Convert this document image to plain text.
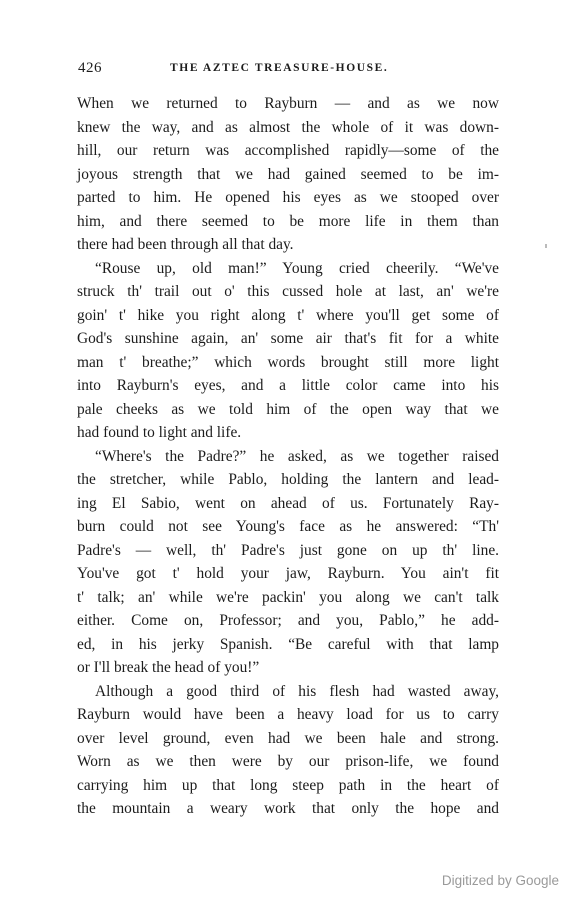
426	THE AZTEC TREASURE-HOUSE.
When we returned to Rayburn — and as we now
knew the way, and as almost the whole of it was down-
hill, our return was accomplished rapidly—some of the
joyous strength that we had gained seemed to be im-
parted to him. He opened his eyes as we stooped over
him, and there seemed to be more life in them than
there had been through all that day.
“Rouse up, old man!” Young cried cheerily. “We've
struck th' trail out o' this cussed hole at last, an' we're
goin' t' hike you right along t' where you'll get some of
God's sunshine again, an' some air that's fit for a white
man t' breathe;” which words brought still more light
into Rayburn's eyes, and a little color came into his
pale cheeks as we told him of the open way that we
had found to light and life.
“Where's the Padre?” he asked, as we together raised
the stretcher, while Pablo, holding the lantern and lead-
ing El Sabio, went on ahead of us. Fortunately Ray-
burn could not see Young's face as he answered: “Th'
Padre's — well, th' Padre's just gone on up th' line.
You've got t' hold your jaw, Rayburn. You ain't fit
t' talk; an' while we're packin' you along we can't talk
either. Come on, Professor; and you, Pablo,” he add-
ed, in his jerky Spanish. “Be careful with that lamp
or I'll break the head of you!”
Although a good third of his flesh had wasted away,
Rayburn would have been a heavy load for us to carry
over level ground, even had we been hale and strong.
Worn as we then were by our prison-life, we found
carrying him up that long steep path in the heart of
the mountain a weary work that only the hope and
Digitized by Google
